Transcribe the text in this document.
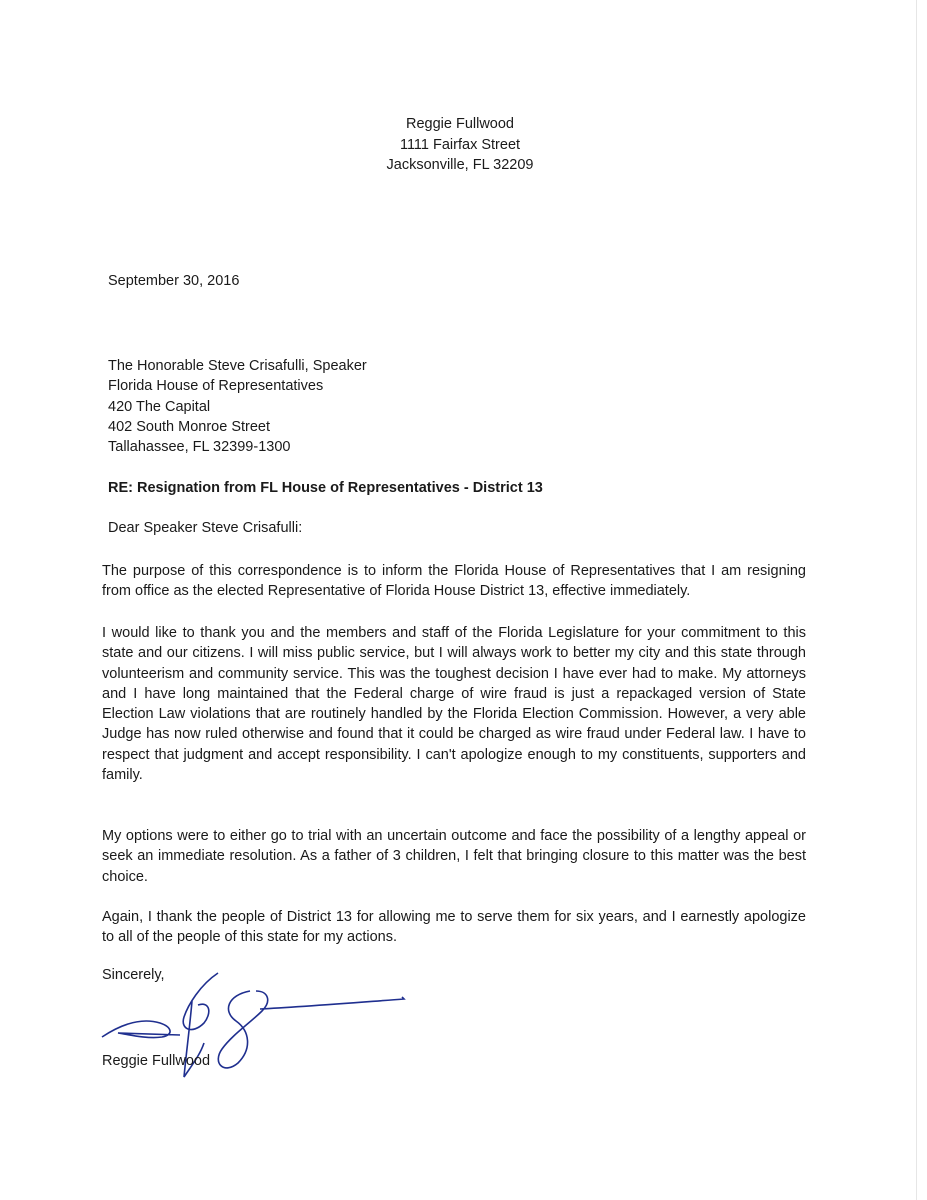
Reggie Fullwood
1111 Fairfax Street
Jacksonville, FL 32209
September 30, 2016
The Honorable Steve Crisafulli, Speaker
Florida House of Representatives
420 The Capital
402 South Monroe Street
Tallahassee, FL 32399-1300
RE: Resignation from FL House of Representatives - District 13
Dear Speaker Steve Crisafulli:
The purpose of this correspondence is to inform the Florida House of Representatives that I am resigning from office as the elected Representative of Florida House District 13, effective immediately.
I would like to thank you and the members and staff of the Florida Legislature for your commitment to this state and our citizens. I will miss public service, but I will always work to better my city and this state through volunteerism and community service. This was the toughest decision I have ever had to make. My attorneys and I have long maintained that the Federal charge of wire fraud is just a repackaged version of State Election Law violations that are routinely handled by the Florida Election Commission. However, a very able Judge has now ruled otherwise and found that it could be charged as wire fraud under Federal law. I have to respect that judgment and accept responsibility. I can't apologize enough to my constituents, supporters and family.
My options were to either go to trial with an uncertain outcome and face the possibility of a lengthy appeal or seek an immediate resolution. As a father of 3 children, I felt that bringing closure to this matter was the best choice.
Again, I thank the people of District 13 for allowing me to serve them for six years, and I earnestly apologize to all of the people of this state for my actions.
Sincerely,
Reggie Fullwood
